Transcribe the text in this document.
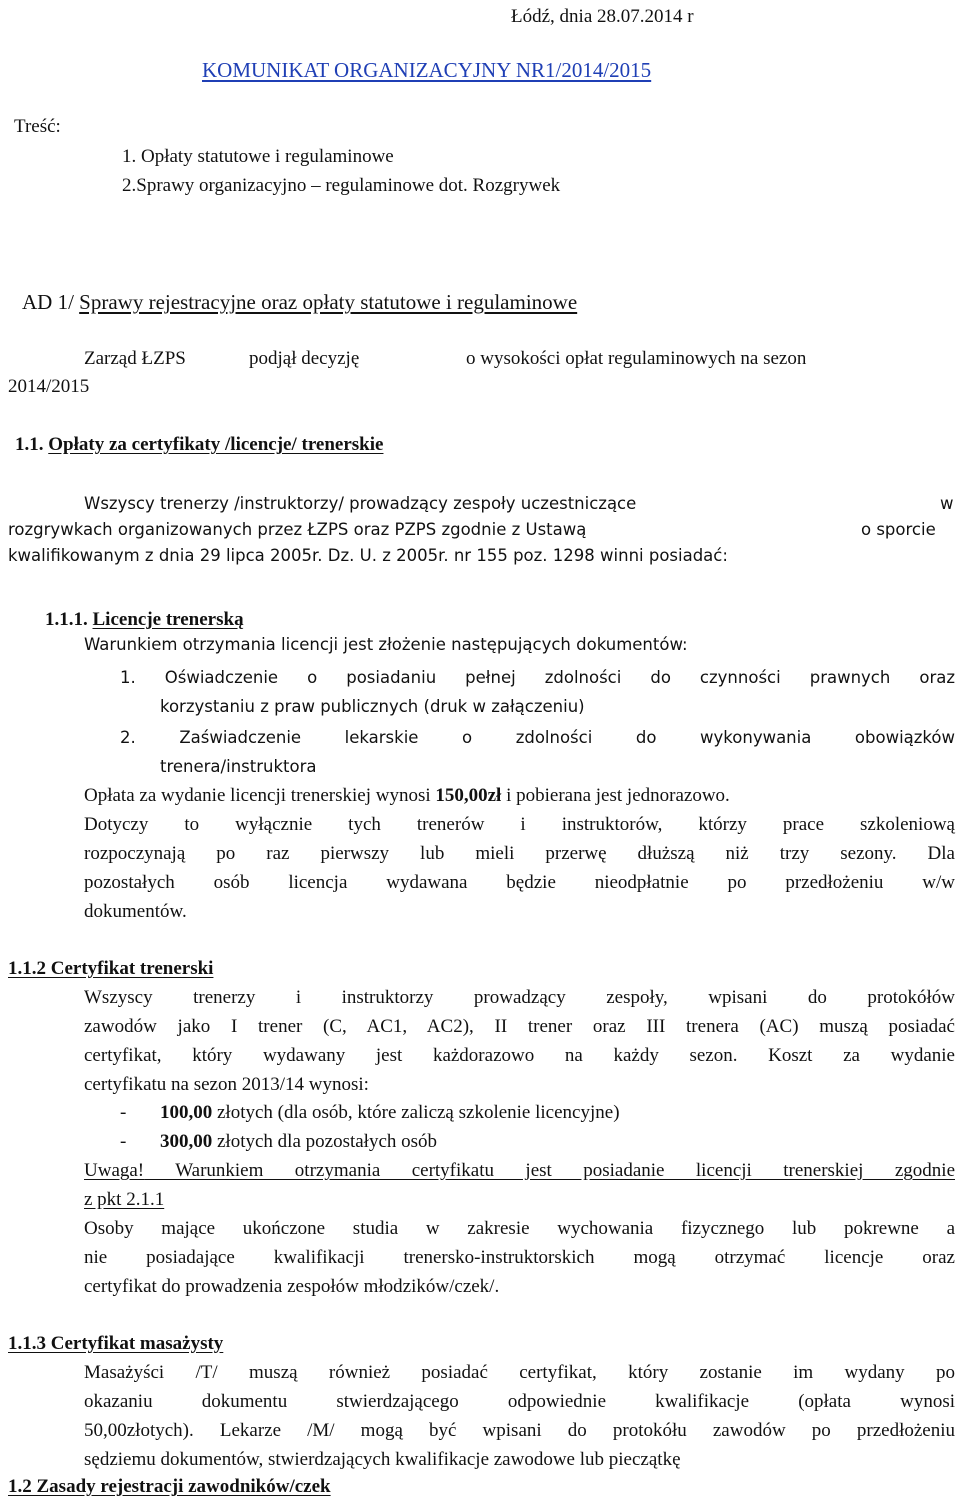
Łódź, dnia 28.07.2014 r
KOMUNIKAT ORGANIZACYJNY NR1/2014/2015
Treść:
1. Opłaty statutowe i regulaminowe
2.Sprawy organizacyjno – regulaminowe dot. Rozgrywek
AD 1/ Sprawy rejestracyjne oraz opłaty statutowe i regulaminowe
Zarząd ŁZPS	podjął decyzję	o wysokości opłat regulaminowych na sezon
2014/2015
1.1. Opłaty za certyfikaty /licencje/ trenerskie
Wszyscy trenerzy /instruktorzy/ prowadzący zespoły uczestniczące	w
rozgrywkach organizowanych przez ŁZPS oraz PZPS zgodnie z Ustawą	o sporcie
kwalifikowanym z dnia 29 lipca 2005r. Dz. U. z 2005r. nr 155 poz. 1298 winni posiadać:
1.1.1. Licencje trenerską
Warunkiem otrzymania licencji jest złożenie następujących dokumentów:
1. Oświadczenie o posiadaniu pełnej zdolności do czynności prawnych oraz
korzystaniu z praw publicznych (druk w załączeniu)
2. Zaświadczenie lekarskie o zdolności do wykonywania obowiązków
trenera/instruktora
Opłata za wydanie licencji trenerskiej wynosi 150,00zł i pobierana jest jednorazowo.
Dotyczy to wyłącznie tych trenerów i instruktorów, którzy prace szkoleniową
rozpoczynają po raz pierwszy lub mieli przerwę dłuższą niż trzy sezony. Dla
pozostałych osób licencja wydawana będzie nieodpłatnie po przedłożeniu w/w
dokumentów.
1.1.2 Certyfikat trenerski
Wszyscy trenerzy i instruktorzy prowadzący zespoły, wpisani do protokółów
zawodów jako I trener (C, AC1, AC2), II trener oraz III trenera (AC) muszą posiadać
certyfikat, który wydawany jest każdorazowo na każdy sezon. Koszt za wydanie
certyfikatu na sezon 2013/14 wynosi:
- 100,00 złotych (dla osób, które zaliczą szkolenie licencyjne)
- 300,00 złotych dla pozostałych osób
Uwaga! Warunkiem otrzymania certyfikatu jest posiadanie licencji trenerskiej zgodnie
z pkt 2.1.1
Osoby mające ukończone studia w zakresie wychowania fizycznego lub pokrewne a
nie posiadające kwalifikacji trenersko-instruktorskich mogą otrzymać licencje oraz
certyfikat do prowadzenia zespołów młodzików/czek/.
1.1.3 Certyfikat masażysty
Masażyści /T/ muszą również posiadać certyfikat, który zostanie im wydany po
okazaniu dokumentu stwierdzającego odpowiednie kwalifikacje (opłata wynosi
50,00złotych). Lekarze /M/ mogą być wpisani do protokółu zawodów po przedłożeniu
sędziemu dokumentów, stwierdzających kwalifikacje zawodowe lub pieczątkę
1.2 Zasady rejestracji zawodników/czek
